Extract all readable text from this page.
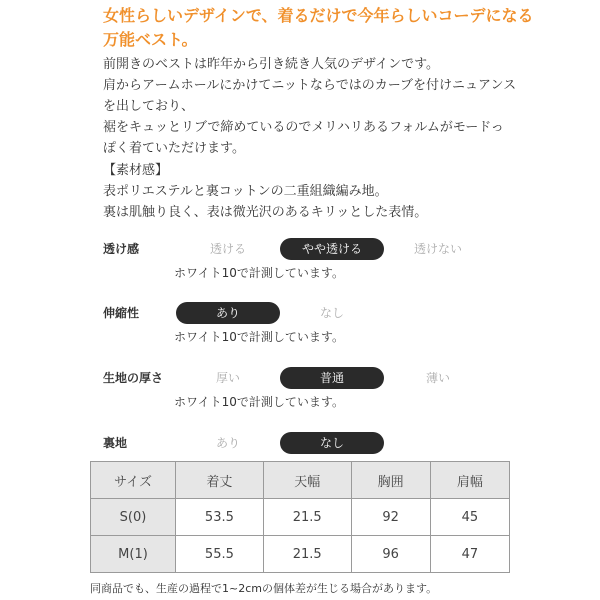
女性らしいデザインで、着るだけで今年らしいコーデになる
万能ベスト。

前開きのベストは昨年から引き続き人気のデザインです。

肩からアームホールにかけてニットならではのカーブを付けニュアンス

を出しており、

裾をキュッとリブで締めているのでメリハリあるフォルムがモードっ

ぽく着ていただけます。

【素材感】

表ポリエステルと裏コットンの二重組織編み地。

裏は肌触り良く、表は微光沢のあるキリッとした表情。

透け感	透ける	やや透ける	透けない
ホワイト10で計測しています。
伸縮性	あり	なし
ホワイト10で計測しています。
生地の厚さ	厚い	普通	薄い
ホワイト10で計測しています。
裏地	あり	なし
サイズ	着丈	天幅	胸囲	肩幅
S(0)	53.5	21.5	92	45
M(1)	55.5	21.5	96	47
同商品でも、生産の過程で1~2cmの個体差が生じる場合があります。
